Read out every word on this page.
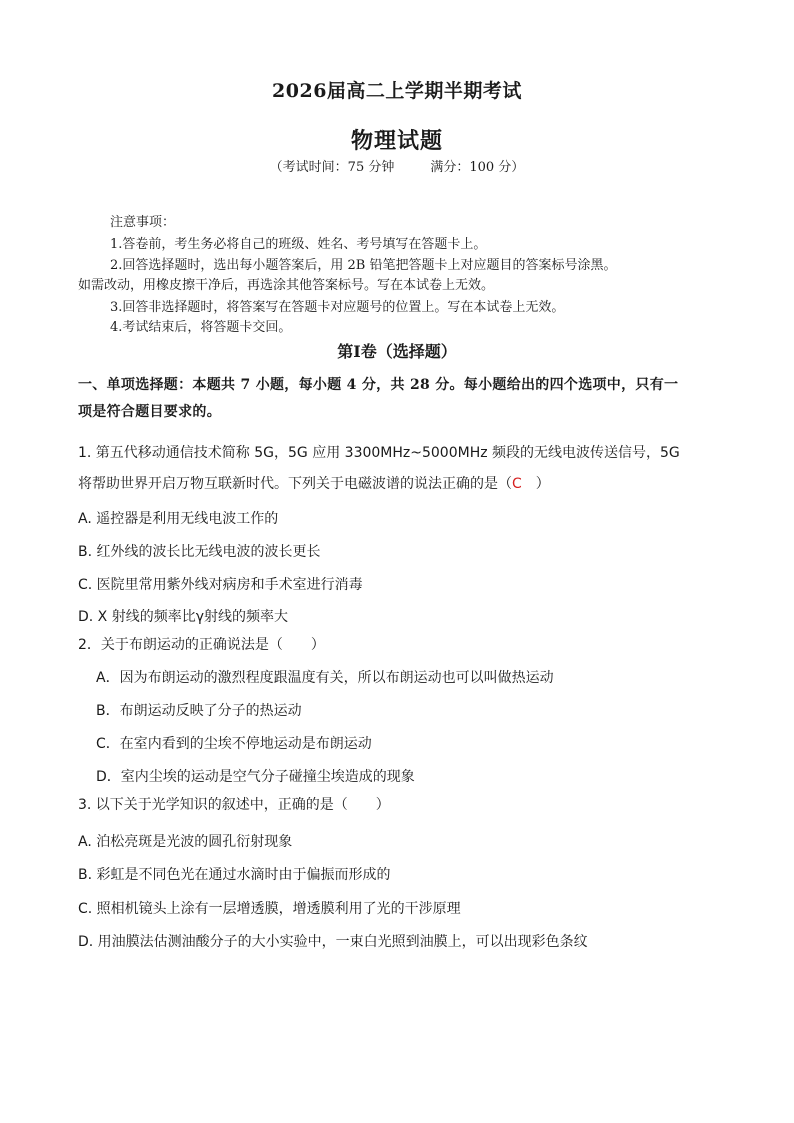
2026届高二上学期半期考试
物理试题
（考试时间：75 分钟	满分：100 分）
注意事项：
1.答卷前，考生务必将自己的班级、姓名、考号填写在答题卡上。
2.回答选择题时，选出每小题答案后，用 2B 铅笔把答题卡上对应题目的答案标号涂黑。
如需改动，用橡皮擦干净后，再选涂其他答案标号。写在本试卷上无效。
3.回答非选择题时，将答案写在答题卡对应题号的位置上。写在本试卷上无效。
4.考试结束后，将答题卡交回。
第Ⅰ卷（选择题）
一、单项选择题：本题共 7 小题，每小题 4 分，共 28 分。每小题给出的四个选项中，只有一
项是符合题目要求的。
1. 第五代移动通信技术简称 5G，5G 应用 3300MHz~5000MHz 频段的无线电波传送信号，5G
将帮助世界开启万物互联新时代。下列关于电磁波谱的说法正确的是（C　 ）
A. 遥控器是利用无线电波工作的
B. 红外线的波长比无线电波的波长更长
C. 医院里常用紫外线对病房和手术室进行消毒
D. X 射线的频率比γ射线的频率大
2．关于布朗运动的正确说法是（　　）
A．因为布朗运动的激烈程度跟温度有关，所以布朗运动也可以叫做热运动
B．布朗运动反映了分子的热运动
C．在室内看到的尘埃不停地运动是布朗运动
D．室内尘埃的运动是空气分子碰撞尘埃造成的现象
3. 以下关于光学知识的叙述中，正确的是（　　）
A. 泊松亮斑是光波的圆孔衍射现象
B. 彩虹是不同色光在通过水滴时由于偏振而形成的
C. 照相机镜头上涂有一层增透膜，增透膜利用了光的干涉原理
D. 用油膜法估测油酸分子的大小实验中，一束白光照到油膜上，可以出现彩色条纹
